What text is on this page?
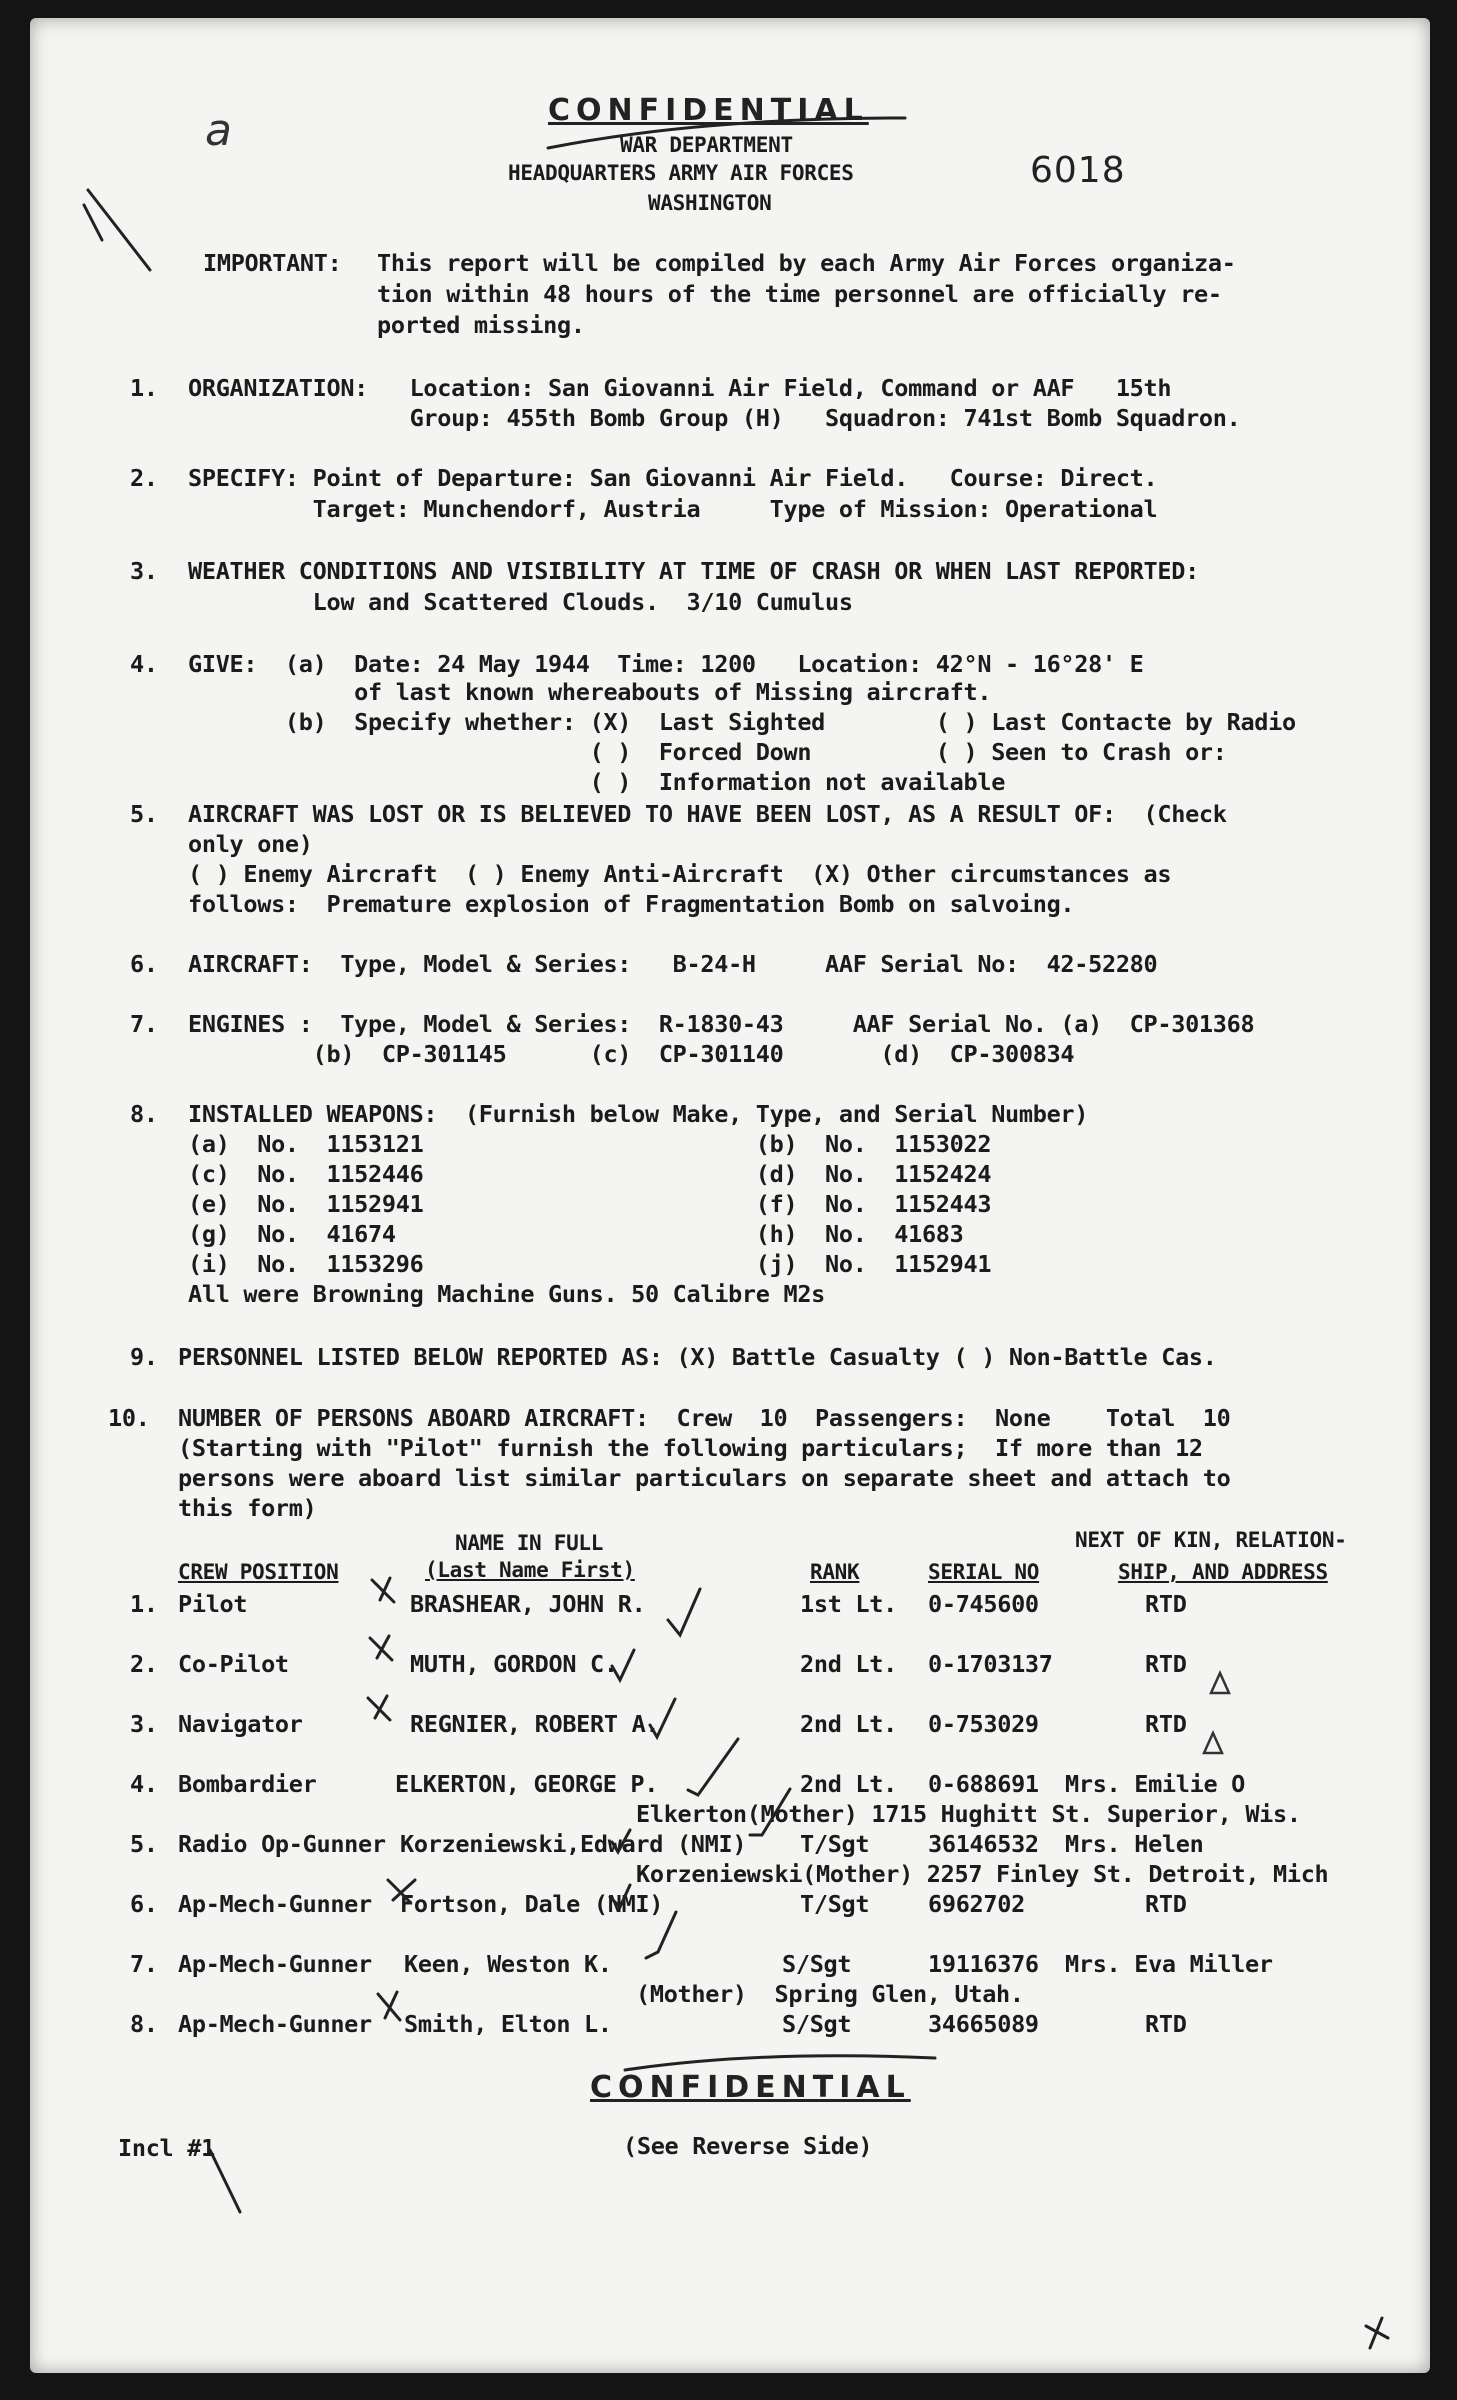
CONFIDENTIAL
WAR DEPARTMENT
HEADQUARTERS ARMY AIR FORCES
WASHINGTON
6018
a
IMPORTANT: This report will be compiled by each Army Air Forces organiza-
tion within 48 hours of the time personnel are officially re-
ported missing.
1. ORGANIZATION:   Location: San Giovanni Air Field, Command or AAF   15th
Group: 455th Bomb Group (H)   Squadron: 741st Bomb Squadron.
2. SPECIFY: Point of Departure: San Giovanni Air Field.   Course: Direct.
Target: Munchendorf, Austria     Type of Mission: Operational
3. WEATHER CONDITIONS AND VISIBILITY AT TIME OF CRASH OR WHEN LAST REPORTED:
Low and Scattered Clouds.  3/10 Cumulus
4. GIVE:  (a)  Date: 24 May 1944  Time: 1200   Location: 42°N - 16°28' E
of last known whereabouts of Missing aircraft.
(b)  Specify whether: (X)  Last Sighted        ( ) Last Contacte by Radio
( )  Forced Down         ( ) Seen to Crash or:
( )  Information not available
5. AIRCRAFT WAS LOST OR IS BELIEVED TO HAVE BEEN LOST, AS A RESULT OF:  (Check
only one)
( ) Enemy Aircraft  ( ) Enemy Anti-Aircraft  (X) Other circumstances as
follows:  Premature explosion of Fragmentation Bomb on salvoing.
6. AIRCRAFT:  Type, Model & Series:   B-24-H     AAF Serial No:  42-52280
7. ENGINES :  Type, Model & Series:  R-1830-43     AAF Serial No. (a)  CP-301368
(b)  CP-301145      (c)  CP-301140       (d)  CP-300834
8. INSTALLED WEAPONS:  (Furnish below Make, Type, and Serial Number)
(a)  No.  1153121                        (b)  No.  1153022
(c)  No.  1152446                        (d)  No.  1152424
(e)  No.  1152941                        (f)  No.  1152443
(g)  No.  41674                          (h)  No.  41683
(i)  No.  1153296                        (j)  No.  1152941
All were Browning Machine Guns. 50 Calibre M2s
9. PERSONNEL LISTED BELOW REPORTED AS: (X) Battle Casualty ( ) Non-Battle Cas.
10. NUMBER OF PERSONS ABOARD AIRCRAFT:  Crew  10  Passengers:  None    Total  10
(Starting with "Pilot" furnish the following particulars;  If more than 12
persons were aboard list similar particulars on separate sheet and attach to
this form)
NAME IN FULL	NEXT OF KIN, RELATION-
CREW POSITION	(Last Name First)	RANK	SERIAL NO	SHIP, AND ADDRESS
1. Pilot	BRASHEAR, JOHN R.	1st Lt. 0-745600	RTD
2. Co-Pilot	MUTH, GORDON C.	2nd Lt. 0-1703137	RTD
3. Navigator	REGNIER, ROBERT A.	2nd Lt. 0-753029	RTD
4. Bombardier	ELKERTON, GEORGE P.	2nd Lt. 0-688691 Mrs. Emilie O
Elkerton(Mother) 1715 Hughitt St. Superior, Wis.
5. Radio Op-Gunner Korzeniewski,Edward (NMI) T/Sgt	36146532 Mrs. Helen
Korzeniewski(Mother) 2257 Finley St. Detroit, Mich
6. Ap-Mech-Gunner Fortson, Dale (NMI)	T/Sgt	6962702	RTD
7. Ap-Mech-Gunner Keen, Weston K.	S/Sgt	19116376 Mrs. Eva Miller
(Mother)  Spring Glen, Utah.
8. Ap-Mech-Gunner Smith, Elton L.	S/Sgt	34665089	RTD
CONFIDENTIAL
Incl #1	(See Reverse Side)
